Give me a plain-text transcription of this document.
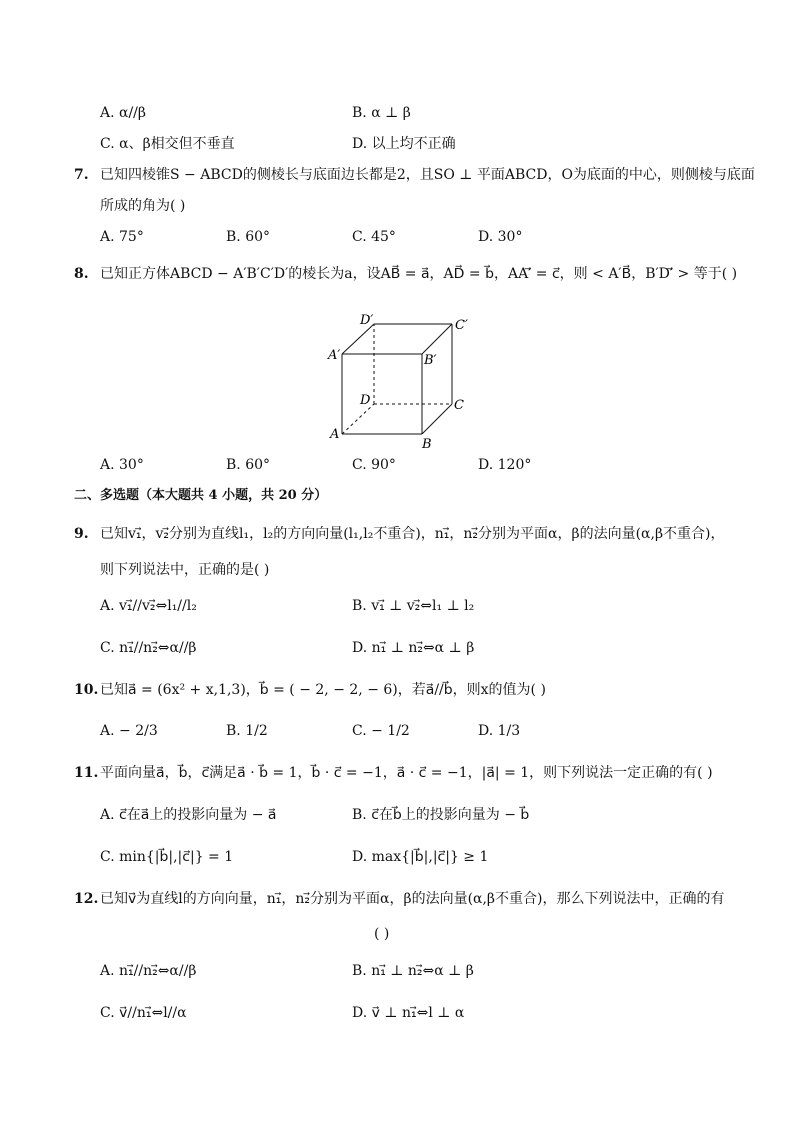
A. α//β	B. α ⊥ β
C. α、β相交但不垂直	D. 以上均不正确
7. 已知四棱锥S − ABCD的侧棱长与底面边长都是2，且SO ⊥ 平面ABCD，O为底面的中心，则侧棱与底面
所成的角为( )
A. 75°	B. 60°	C. 45°	D. 30°
8. 已知正方体ABCD − A′B′C′D′的棱长为a，设AB⃗ = a⃗，AD⃗ = b⃗，AA′⃗ = c⃗，则 < A′B⃗，B′D′⃗ > 等于( )
D′	C′
A′	B′
D	C
A
B
A. 30°	B. 60°	C. 90°	D. 120°
二、多选题（本大题共 4 小题，共 20 分）
9. 已知v₁⃗，v₂⃗分别为直线l₁，l₂的方向向量(l₁,l₂不重合)，n₁⃗，n₂⃗分别为平面α，β的法向量(α,β不重合)，
则下列说法中，正确的是( )
A. v₁⃗//v₂⃗⇔l₁//l₂	B. v₁⃗ ⊥ v₂⃗⇔l₁ ⊥ l₂
C. n₁⃗//n₂⃗⇔α//β	D. n₁⃗ ⊥ n₂⃗⇔α ⊥ β
10. 已知a⃗ = (6x² + x,1,3)，b⃗ = ( − 2, − 2, − 6)，若a⃗//b⃗，则x的值为( )
A. − 2/3	B. 1/2	C. − 1/2	D. 1/3
11. 平面向量a⃗，b⃗，c⃗满足a⃗ · b⃗ = 1，b⃗ · c⃗ = −1，a⃗ · c⃗ = −1，|a⃗| = 1，则下列说法一定正确的有( )
A. c⃗在a⃗上的投影向量为 − a⃗	B. c⃗在b⃗上的投影向量为 − b⃗
C. min{|b⃗|,|c⃗|} = 1	D. max{|b⃗|,|c⃗|} ≥ 1
12. 已知v⃗为直线l的方向向量，n₁⃗，n₂⃗分别为平面α，β的法向量(α,β不重合)，那么下列说法中，正确的有
( )
A. n₁⃗//n₂⃗⇔α//β	B. n₁⃗ ⊥ n₂⃗⇔α ⊥ β
C. v⃗//n₁⃗⇔l//α	D. v⃗ ⊥ n₁⃗⇔l ⊥ α
